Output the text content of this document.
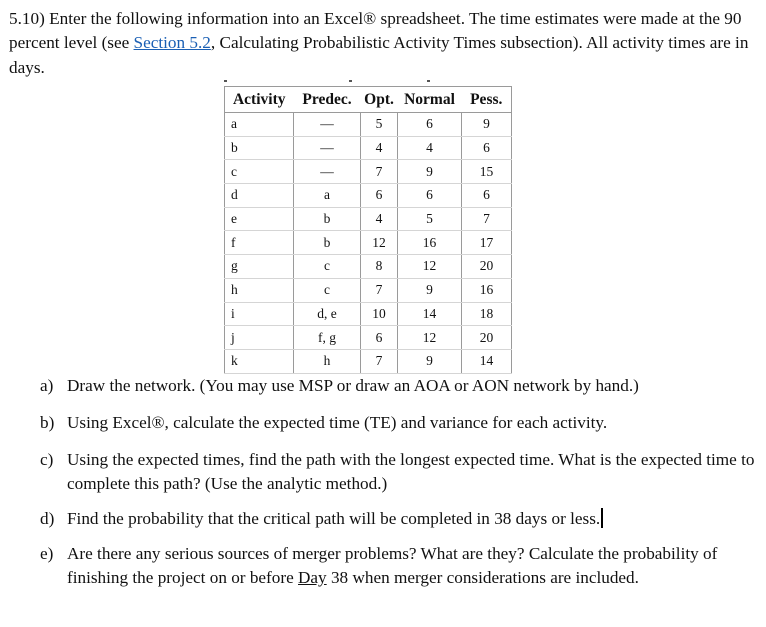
5.10) Enter the following information into an Excel® spreadsheet. The time estimates were made at the 90 percent level (see Section 5.2, Calculating Probabilistic Activity Times subsection). All activity times are in days.

Activity	Predec.	Opt.	Normal	Pess.
a	—	5	6	9
b	—	4	4	6
c	—	7	9	15
d	a	6	6	6
e	b	4	5	7
f	b	12	16	17
g	c	8	12	20
h	c	7	9	16
i	d, e	10	14	18
j	f, g	6	12	20
k	h	7	9	14
a) Draw the network. (You may use MSP or draw an AOA or AON network by hand.)
b) Using Excel®, calculate the expected time (TE) and variance for each activity.
c) Using the expected times, find the path with the longest expected time. What is the expected time to complete this path? (Use the analytic method.)
d) Find the probability that the critical path will be completed in 38 days or less.
e) Are there any serious sources of merger problems? What are they? Calculate the probability of finishing the project on or before Day 38 when merger considerations are included.
